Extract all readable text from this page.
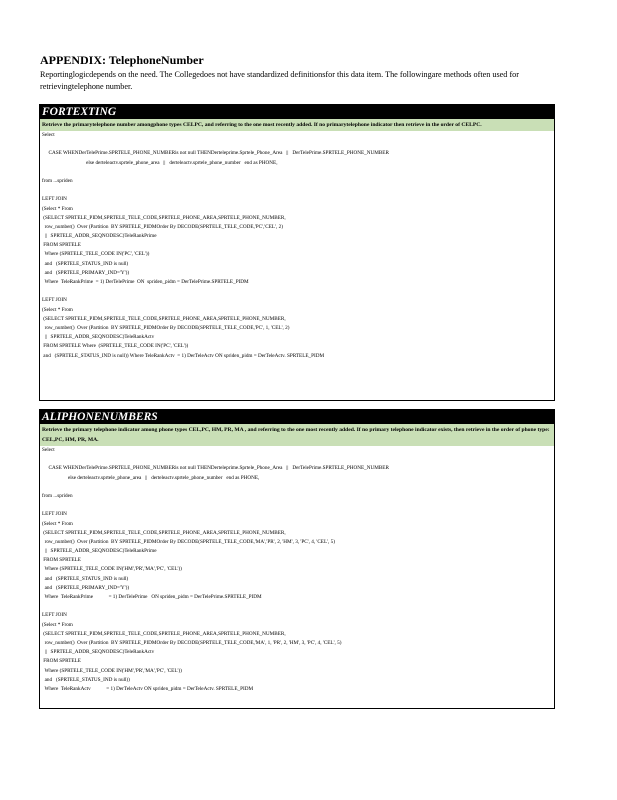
APPENDIX: TelephoneNumber

Reportinglogicdepends on the need. The Collegedoes not have standardized definitionsfor this data item. The followingare methods often used for retrievingtelephone number.

FORTEXTING
Retrieve the primarytelephone number amongphone types CELPC, and referring to the one most recently added. If no primarytelephone indicator then retrieve in the order of CELPC.
Select
CASE WHENDerTelePrime.SPRTELE_PHONE_NUMBERis not null THENDerteleprime.Sprtele_Phone_Area   ||   DerTelePrime.SPRTELE_PHONE_NUMBER
else derteleactv.sprtele_phone_area   ||   derteleactv.sprtele_phone_number   end as PHONE,
from ...spriden
LEFT JOIN
(Select * From
(SELECT SPRTELE_PIDM,SPRTELE_TELE_CODE,SPRTELE_PHONE_AREA,SPRTELE_PHONE_NUMBER,
row_number()  Over (Partition  BY SPRTELE_PIDMOrder By DECODE(SPRTELE_TELE_CODE,'PC','CEL', 2)
||   SPRTELE_ADDR_SEQNODESC)TeleRankPrime
FROM SPRTELE
Where (SPRTELE_TELE_CODE IN('PC', 'CEL'))
and   (SPRTELE_STATUS_IND is null)
and   (SPRTELE_PRIMARY_IND='Y'))
Where  TeleRankPrime  = 1) DerTelePrime  ON  spriden_pidm = DerTelePrime.SPRTELE_PIDM
LEFT JOIN
(Select * From
(SELECT SPRTELE_PIDM,SPRTELE_TELE_CODE,SPRTELE_PHONE_AREA,SPRTELE_PHONE_NUMBER,
row_number()  Over (Partition  BY SPRTELE_PIDMOrder By DECODE(SPRTELE_TELE_CODE,'PC', 1, 'CEL', 2)
||   SPRTELE_ADDR_SEQNODESC)TeleRankActv
FROM SPRTELE Where  (SPRTELE_TELE_CODE IN('PC', 'CEL'))
and   (SPRTELE_STATUS_IND is null)) Where TeleRankActv  = 1) DerTeleActv ON spriden_pidm = DerTeleActv. SPRTELE_PIDM
ALIPHONENUMBERS
Retrieve the primary telephone indicator among phone types CEL,PC, HM, PR, MA , and referring to the one most recently added. If no primary telephone indicator exists, then retrieve in the order of phone type: CEL,PC, HM, PR, MA.
Select
CASE WHENDerTelePrime.SPRTELE_PHONE_NUMBERis not null THENDerteleprime.Sprtele_Phone_Area   ||   DerTelePrime.SPRTELE_PHONE_NUMBER
else derteleactv.sprtele_phone_area   ||   derteleactv.sprtele_phone_number   end as PHONE,
from ...spriden
LEFT JOIN
(Select * From
(SELECT SPRTELE_PIDM,SPRTELE_TELE_CODE,SPRTELE_PHONE_AREA,SPRTELE_PHONE_NUMBER,
row_number()  Over (Partition  BY SPRTELE_PIDMOrder By DECODE(SPRTELE_TELE_CODE,'MA','PR', 2, 'HM', 3, 'PC', 4, 'CEL', 5)
||   SPRTELE_ADDR_SEQNODESC)TeleRankPrime
FROM SPRTELE
Where (SPRTELE_TELE_CODE IN('HM','PR','MA','PC', 'CEL'))
and   (SPRTELE_STATUS_IND is null)
and   (SPRTELE_PRIMARY_IND='Y'))
Where  TeleRankPrime            = 1) DerTelePrime   ON spriden_pidm = DerTelePrime.SPRTELE_PIDM
LEFT JOIN
(Select * From
(SELECT SPRTELE_PIDM,SPRTELE_TELE_CODE,SPRTELE_PHONE_AREA,SPRTELE_PHONE_NUMBER,
row_number()  Over (Partition  BY SPRTELE_PIDMOrder By DECODE(SPRTELE_TELE_CODE,'MA', 1, 'PR', 2, 'HM', 3, 'PC', 4, 'CEL', 5)
||   SPRTELE_ADDR_SEQNODESC)TeleRankActv
FROM SPRTELE
Where (SPRTELE_TELE_CODE IN('HM','PR','MA','PC', 'CEL'))
and   (SPRTELE_STATUS_IND is null))
Where  TeleRankActv            = 1) DerTeleActv ON spriden_pidm = DerTeleActv. SPRTELE_PIDM
